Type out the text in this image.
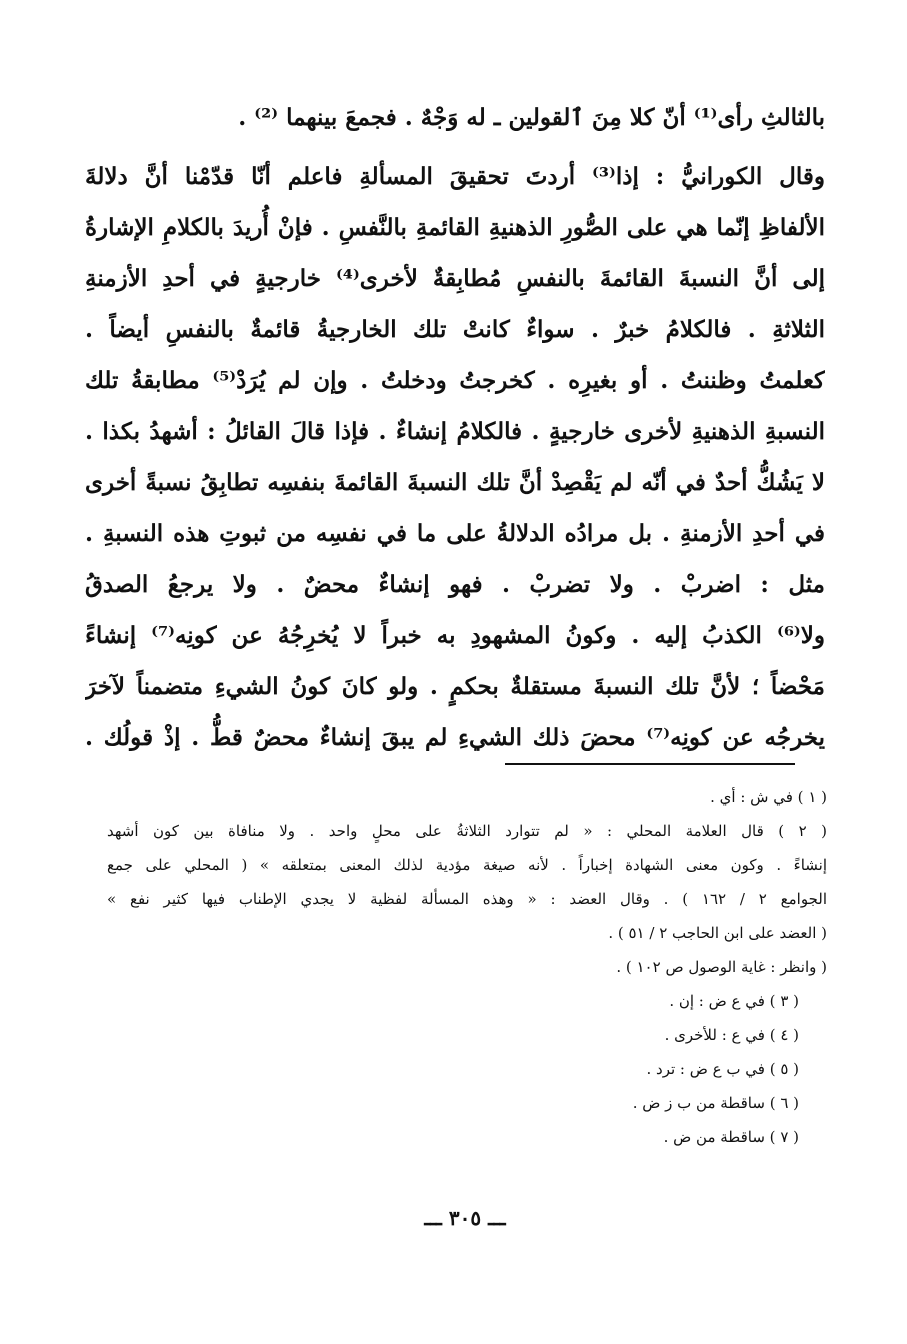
بالثالثِ رأى⁽¹⁾ أنّ كلا مِنَ ٱلقولين ـ له وَجْهٌ . فجمعَ بينهما ⁽²⁾ .
وقال الكورانيُّ : إذا⁽³⁾ أردتَ تحقيقَ المسألةِ فاعلم أنّا قدّمْنا أنَّ دلالةَ
الألفاظِ إنّما هي على الصُّورِ الذهنيةِ القائمةِ بالنَّفسِ . فإنْ أُريدَ بالكلامِ الإشارةُ
إلى أنَّ النسبةَ القائمةَ بالنفسِ مُطابِقةٌ لأخرى⁽⁴⁾ خارجيةٍ في أحدِ الأزمنةِ
الثلاثةِ . فالكلامُ خبرٌ . سواءٌ كانتْ تلك الخارجيةُ قائمةٌ بالنفسِ أيضاً .
كعلمتُ وظننتُ . أو بغيرِه . كخرجتُ ودخلتُ . وإن لم يُرَدْ⁽⁵⁾ مطابقةُ تلك
النسبةِ الذهنيةِ لأخرى خارجيةٍ . فالكلامُ إنشاءٌ . فإذا قالَ القائلُ : أشهدُ بكذا .
لا يَشُكُّ أحدٌ في أنّه لم يَقْصِدْ أنَّ تلك النسبةَ القائمةَ بنفسِه تطابِقُ نسبةً أخرى
في أحدِ الأزمنةِ . بل مرادُه الدلالةُ على ما في نفسِه من ثبوتِ هذه النسبةِ .
مثل : اضربْ . ولا تضربْ . فهو إنشاءٌ محضٌ . ولا يرجعُ الصدقُ
ولا⁽⁶⁾ الكذبُ إليه . وكونُ المشهودِ به خبراً لا يُخرِجُهُ عن كونِه⁽⁷⁾ إنشاءً
مَحْضاً ؛ لأنَّ تلك النسبةَ مستقلةٌ بحكمٍ . ولو كانَ كونُ الشيءِ متضمناً لآخرَ
يخرجُه عن كونِه⁽⁷⁾ محضَ ذلك الشيءِ لم يبقَ إنشاءٌ محضٌ قطُّ . إذْ قولُك .
( ١ ) في ش : أي .
( ٢ ) قال العلامة المحلي : « لم تتوارد الثلاثةُ على محلٍ واحد . ولا منافاة بين كون أشهد
إنشاءً . وكون معنى الشهادة إخباراً . لأنه صيغة مؤدية لذلك المعنى بمتعلقه » ( المحلي على جمع
الجوامع ٢ / ١٦٢ ) . وقال العضد : « وهذه المسألة لفظية لا يجدي الإطناب فيها كثير نفع »
( العضد على ابن الحاجب ٢ / ٥١ ) .
( وانظر : غاية الوصول ص ١٠٢ ) .
( ٣ ) في ع ض : إن .
( ٤ ) في ع : للأخرى .
( ٥ ) في ب ع ض : ترد .
( ٦ ) ساقطة من ب ز ض .
( ٧ ) ساقطة من ض .
ـــ ٣٠٥ ـــ
